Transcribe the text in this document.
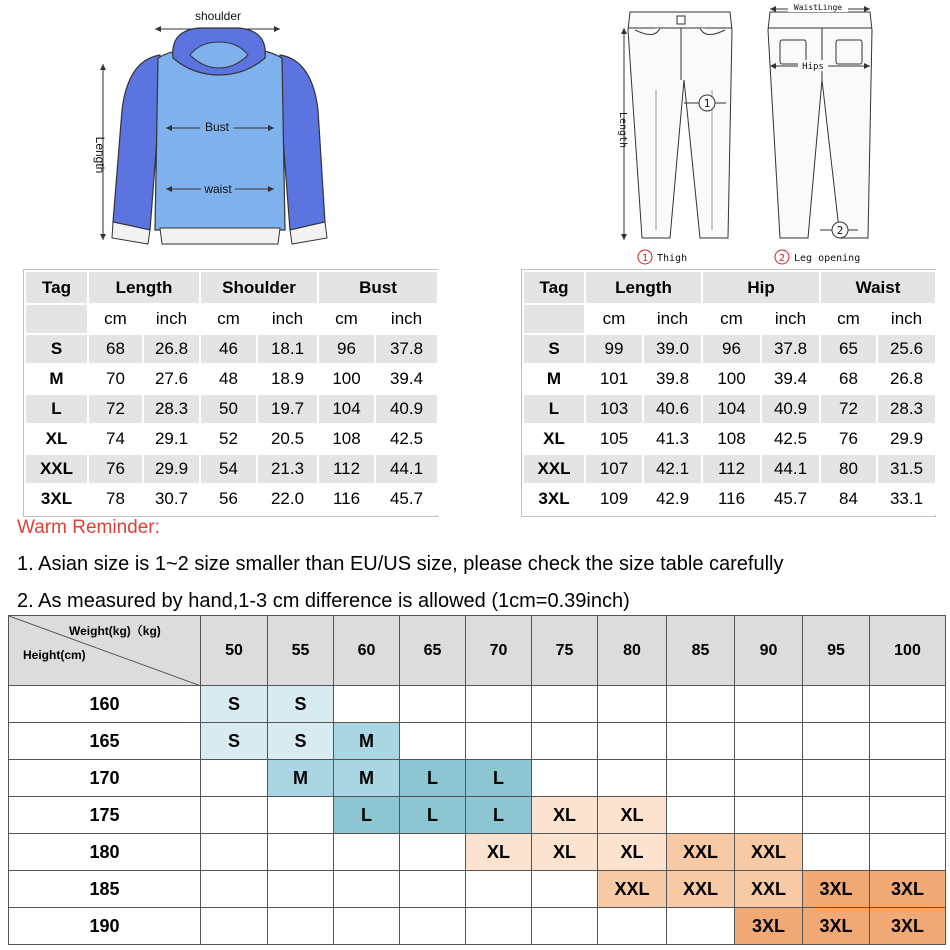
shoulder
Length
Bust
waist
Length
1
WaistLinge
Hips
2
1 Thigh	2 Leg opening
Tag	Length		Shoulder		Bust	
	cm	inch	cm	inch	cm	inch
S	68	26.8	46	18.1	96	37.8
M	70	27.6	48	18.9	100	39.4
L	72	28.3	50	19.7	104	40.9
XL	74	29.1	52	20.5	108	42.5
XXL	76	29.9	54	21.3	112	44.1
3XL	78	30.7	56	22.0	116	45.7
Tag	Length		Hip		Waist	
	cm	inch	cm	inch	cm	inch
S	99	39.0	96	37.8	65	25.6
M	101	39.8	100	39.4	68	26.8
L	103	40.6	104	40.9	72	28.3
XL	105	41.3	108	42.5	76	29.9
XXL	107	42.1	112	44.1	80	31.5
3XL	109	42.9	116	45.7	84	33.1
Warm Reminder:
1. Asian size is 1~2 size smaller than EU/US size, please check the size table carefully
2. As measured by hand,1-3 cm difference is allowed (1cm=0.39inch)
Weight(kg)（kg)
Height(cm)	50	55	60	65	70	75	80	85	90	95	100
160	S	S									
165	S	S	M								
170		M	M	L	L						
175			L	L	L	XL	XL				
180					XL	XL	XL	XXL	XXL		
185							XXL	XXL	XXL	3XL	3XL
190									3XL	3XL	3XL
